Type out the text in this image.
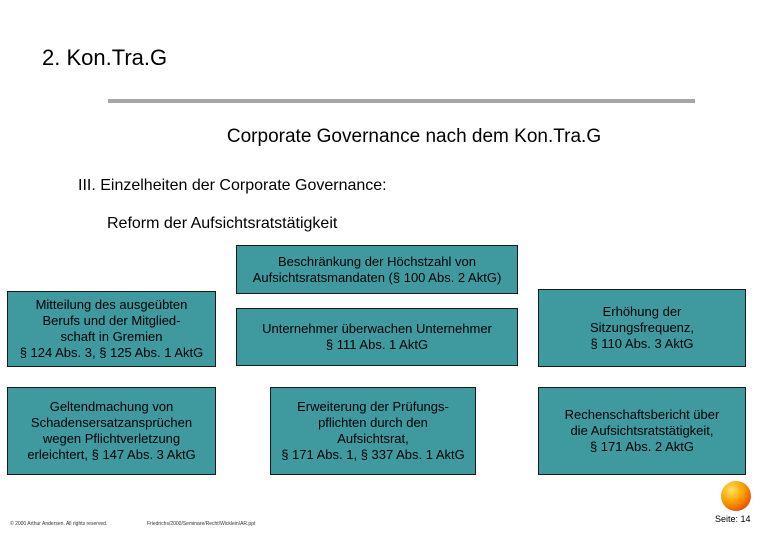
2. Kon.Tra.G
Corporate Governance nach dem Kon.Tra.G
III. Einzelheiten der Corporate Governance:
Reform der Aufsichtsratstätigkeit
Beschränkung der Höchstzahl von
Aufsichtsratsmandaten (§ 100 Abs. 2 AktG)
Mitteilung des ausgeübten
Berufs und der Mitglied-
schaft in Gremien
§ 124 Abs. 3, § 125 Abs. 1 AktG
Unternehmer überwachen Unternehmer
§ 111 Abs. 1 AktG
Erhöhung der
Sitzungsfrequenz,
§ 110 Abs. 3 AktG
Geltendmachung von
Schadensersatzansprüchen
wegen Pflichtverletzung
erleichtert, § 147 Abs. 3 AktG
Erweiterung der Prüfungs-
pflichten durch den
Aufsichtsrat,
§ 171 Abs. 1, § 337 Abs. 1 AktG
Rechenschaftsbericht über
die Aufsichtsratstätigkeit,
§ 171 Abs. 2 AktG
© 2000 Arthur Andersen. All rights reserved.	Friedrichs/2000/Seminare/Recht/Wicklein/AR.ppt	Seite: 14
